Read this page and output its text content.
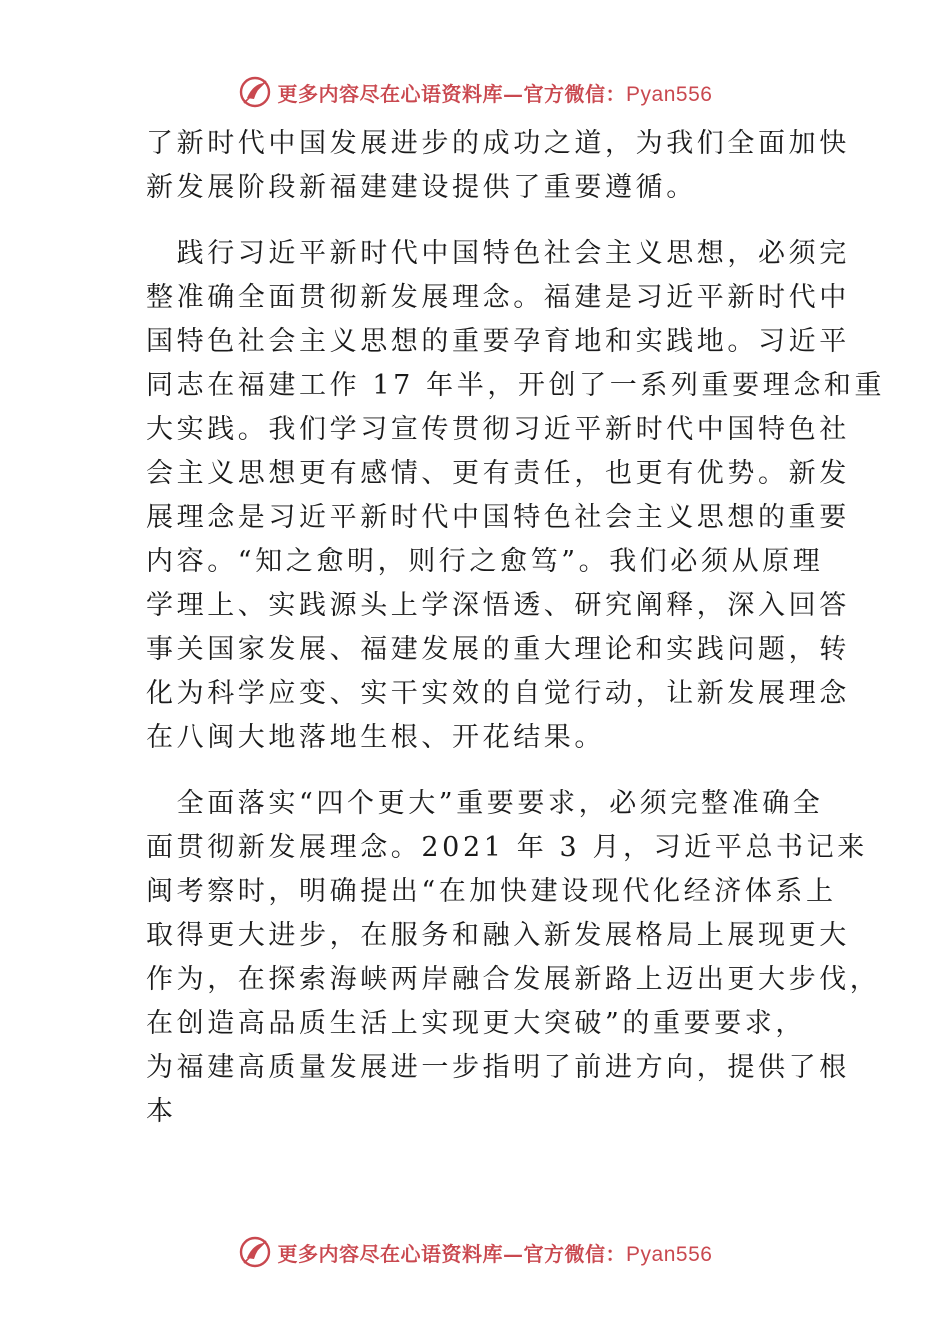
更多内容尽在心语资料库—官方微信：Pyan556
了新时代中国发展进步的成功之道，为我们全面加快
新发展阶段新福建建设提供了重要遵循。
　践行习近平新时代中国特色社会主义思想，必须完
整准确全面贯彻新发展理念。福建是习近平新时代中
国特色社会主义思想的重要孕育地和实践地。习近平
同志在福建工作 17 年半，开创了一系列重要理念和重
大实践。我们学习宣传贯彻习近平新时代中国特色社
会主义思想更有感情、更有责任，也更有优势。新发
展理念是习近平新时代中国特色社会主义思想的重要
内容。“知之愈明，则行之愈笃”。我们必须从原理
学理上、实践源头上学深悟透、研究阐释，深入回答
事关国家发展、福建发展的重大理论和实践问题，转
化为科学应变、实干实效的自觉行动，让新发展理念
在八闽大地落地生根、开花结果。
　全面落实“四个更大”重要要求，必须完整准确全
面贯彻新发展理念。2021 年 3 月，习近平总书记来
闽考察时，明确提出“在加快建设现代化经济体系上
取得更大进步，在服务和融入新发展格局上展现更大
作为，在探索海峡两岸融合发展新路上迈出更大步伐，
在创造高品质生活上实现更大突破”的重要要求，
为福建高质量发展进一步指明了前进方向，提供了根
本
更多内容尽在心语资料库—官方微信：Pyan556
